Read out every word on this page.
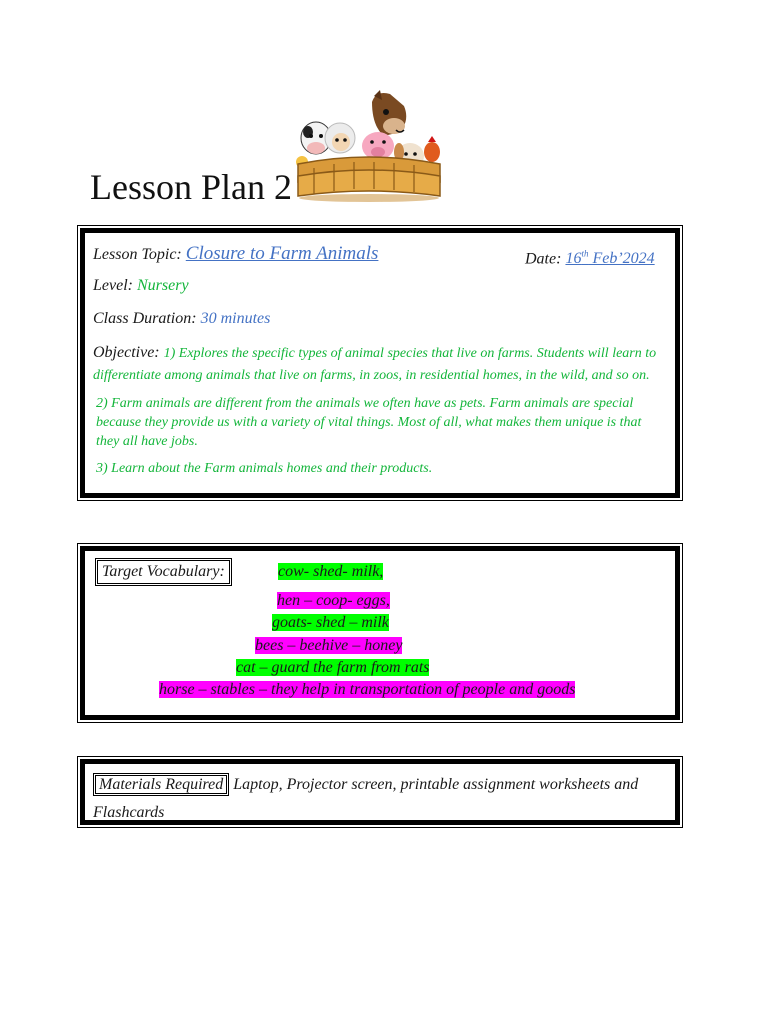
Lesson Plan 2
Lesson Topic: Closure to Farm Animals	Date: 16th Feb’2024
Level: Nursery
Class Duration: 30 minutes
Objective: 1) Explores the specific types of animal species that live on farms. Students will learn to differentiate among animals that live on farms, in zoos, in residential homes, in the wild, and so on.
2) Farm animals are different from the animals we often have as pets. Farm animals are special because they provide us with a variety of vital things. Most of all, what makes them unique is that they all have jobs.
3) Learn about the Farm animals homes and their products.
Target Vocabulary:	cow- shed- milk,
hen – coop- eggs,
goats- shed – milk
bees – beehive – honey
cat – guard the farm from rats
horse – stables – they help in transportation of people and goods
Materials Required Laptop, Projector screen, printable assignment worksheets and Flashcards
